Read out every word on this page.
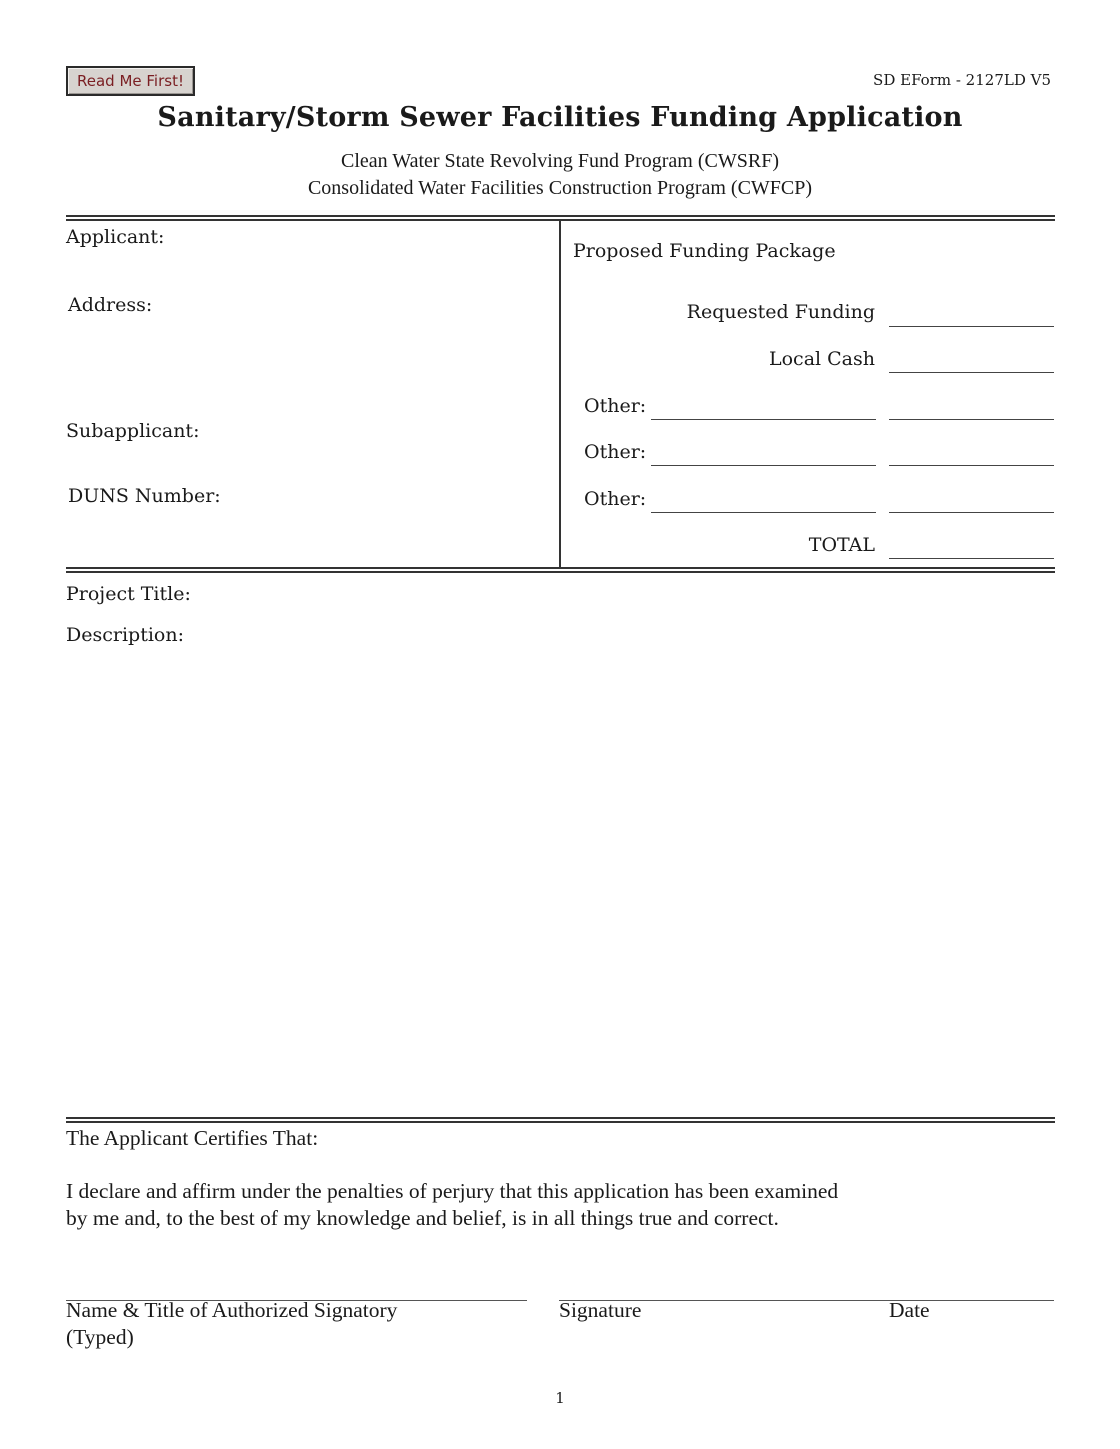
Read Me First!	SD EForm - 2127LD V5
Sanitary/Storm Sewer Facilities Funding Application
Clean Water State Revolving Fund Program (CWSRF)
Consolidated Water Facilities Construction Program (CWFCP)
Applicant:
Address:
Subapplicant:
DUNS Number:
Proposed Funding Package
Requested Funding
Local Cash
Other:
Other:
Other:
TOTAL
Project Title:
Description:
The Applicant Certifies That:
I declare and affirm under the penalties of perjury that this application has been examined
by me and, to the best of my knowledge and belief, is in all things true and correct.
Name & Title of Authorized Signatory
(Typed)
Signature	Date
1
